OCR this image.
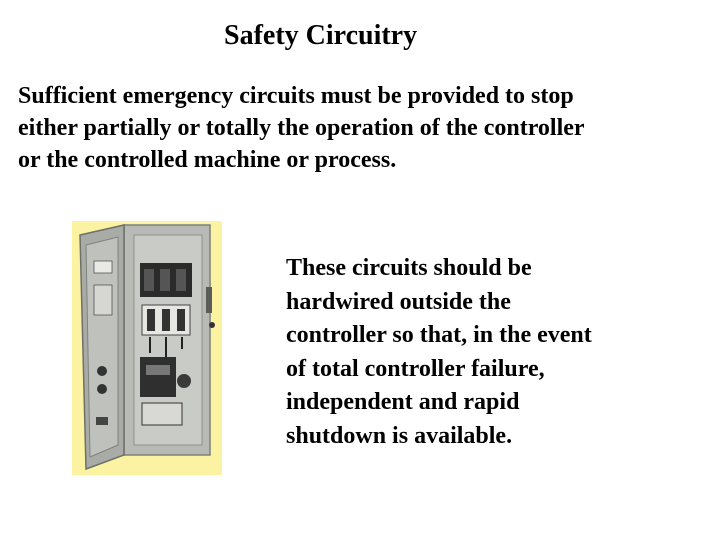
Safety Circuitry
Sufficient emergency circuits must be provided to stop
either partially or totally the operation of the controller
or the controlled machine or process.
These circuits should be
hardwired outside the
controller so that, in the event
of total controller failure,
independent and rapid
shutdown is available.
